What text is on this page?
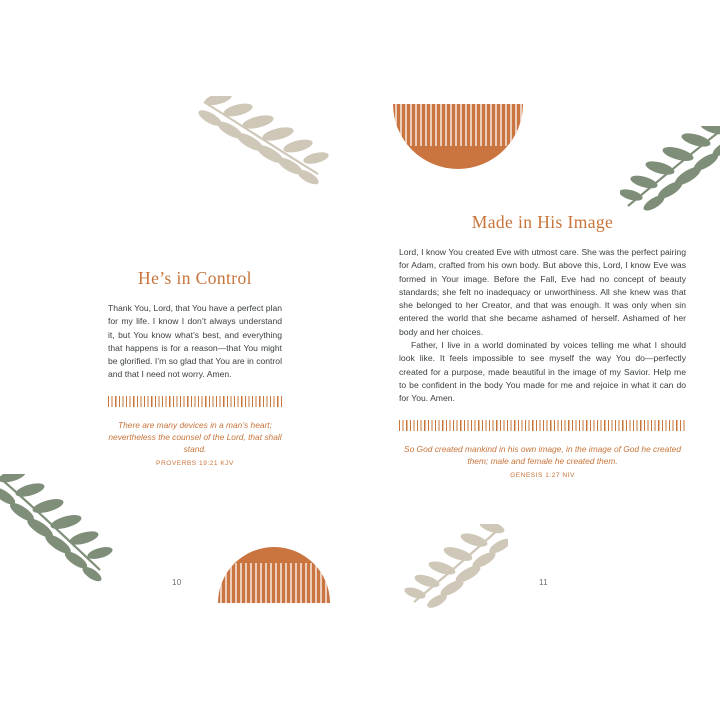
He’s in Control

Thank You, Lord, that You have a perfect plan for my life. I know I don’t always understand it, but You know what’s best, and everything that happens is for a reason—that You might be glorified. I’m so glad that You are in control and that I need not worry. Amen.

There are many devices in a man’s heart; nevertheless the counsel of the Lord, that shall stand.

PROVERBS 19:21 KJV

Made in His Image

Lord, I know You created Eve with utmost care. She was the perfect pairing for Adam, crafted from his own body. But above this, Lord, I know Eve was formed in Your image. Before the Fall, Eve had no concept of beauty standards; she felt no inadequacy or unworthiness. All she knew was that she belonged to her Creator, and that was enough. It was only when sin entered the world that she became ashamed of herself. Ashamed of her body and her choices.

Father, I live in a world dominated by voices telling me what I should look like. It feels impossible to see myself the way You do—perfectly created for a purpose, made beautiful in the image of my Savior. Help me to be confident in the body You made for me and rejoice in what it can do for You. Amen.

So God created mankind in his own image, in the image of God he created them; male and female he created them.

GENESIS 1:27 NIV

10	11
